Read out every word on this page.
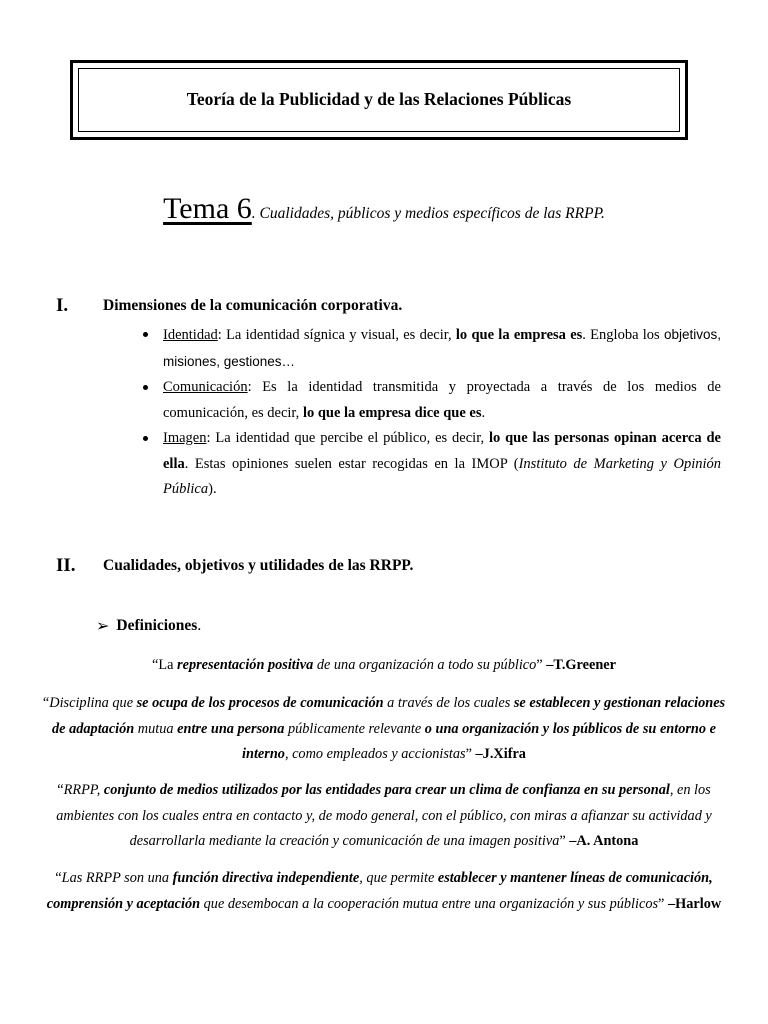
Teoría de la Publicidad y de las Relaciones Públicas
Tema 6. Cualidades, públicos y medios específicos de las RRPP.
I. Dimensiones de la comunicación corporativa.
Identidad: La identidad sígnica y visual, es decir, lo que la empresa es. Engloba los objetivos, misiones, gestiones…
Comunicación: Es la identidad transmitida y proyectada a través de los medios de comunicación, es decir, lo que la empresa dice que es.
Imagen: La identidad que percibe el público, es decir, lo que las personas opinan acerca de ella. Estas opiniones suelen estar recogidas en la IMOP (Instituto de Marketing y Opinión Pública).
II. Cualidades, objetivos y utilidades de las RRPP.
➢ Definiciones .
“La representación positiva de una organización a todo su público” –T.Greener
“Disciplina que se ocupa de los procesos de comunicación a través de los cuales se establecen y gestionan relaciones de adaptación mutua entre una persona públicamente relevante o una organización y los públicos de su entorno e interno, como empleados y accionistas” –J.Xifra
“RRPP, conjunto de medios utilizados por las entidades para crear un clima de confianza en su personal, en los ambientes con los cuales entra en contacto y, de modo general, con el público, con miras a afianzar su actividad y desarrollarla mediante la creación y comunicación de una imagen positiva” –A. Antona
“Las RRPP son una función directiva independiente, que permite establecer y mantener líneas de comunicación, comprensión y aceptación que desembocan a la cooperación mutua entre una organización y sus públicos” –Harlow
